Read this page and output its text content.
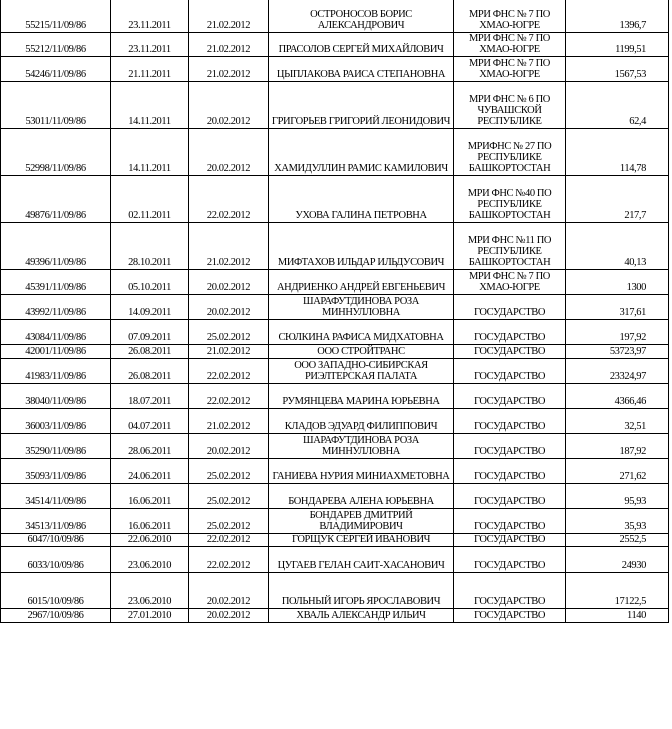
55215/11/09/86	23.11.2011	21.02.2012	ОСТРОНОСОВ БОРИС АЛЕКСАНДРОВИЧ	МРИ ФНС № 7 ПО ХМАО-ЮГРЕ	1396,7
55212/11/09/86	23.11.2011	21.02.2012	ПРАСОЛОВ СЕРГЕЙ МИХАЙЛОВИЧ	МРИ ФНС № 7 ПО ХМАО-ЮГРЕ	1199,51
54246/11/09/86	21.11.2011	21.02.2012	ЦЫПЛАКОВА РАИСА СТЕПАНОВНА	МРИ ФНС № 7 ПО ХМАО-ЮГРЕ	1567,53
53011/11/09/86	14.11.2011	20.02.2012	ГРИГОРЬЕВ ГРИГОРИЙ ЛЕОНИДОВИЧ	МРИ ФНС № 6 ПО ЧУВАШСКОЙ РЕСПУБЛИКЕ	62,4
52998/11/09/86	14.11.2011	20.02.2012	ХАМИДУЛЛИН РАМИС КАМИЛОВИЧ	МРИФНС № 27 ПО РЕСПУБЛИКЕ БАШКОРТОСТАН	114,78
49876/11/09/86	02.11.2011	22.02.2012	УХОВА ГАЛИНА ПЕТРОВНА	МРИ ФНС №40 ПО РЕСПУБЛИКЕ БАШКОРТОСТАН	217,7
49396/11/09/86	28.10.2011	21.02.2012	МИФТАХОВ ИЛЬДАР ИЛЬДУСОВИЧ	МРИ ФНС №11 ПО РЕСПУБЛИКЕ БАШКОРТОСТАН	40,13
45391/11/09/86	05.10.2011	20.02.2012	АНДРИЕНКО АНДРЕЙ ЕВГЕНЬЕВИЧ	МРИ ФНС № 7 ПО ХМАО-ЮГРЕ	1300
43992/11/09/86	14.09.2011	20.02.2012	ШАРАФУТДИНОВА РОЗА МИННУЛЛОВНА	ГОСУДАРСТВО	317,61
43084/11/09/86	07.09.2011	25.02.2012	СЮЛКИНА РАФИСА МИДХАТОВНА	ГОСУДАРСТВО	197,92
42001/11/09/86	26.08.2011	21.02.2012	ООО СТРОЙТРАНС	ГОСУДАРСТВО	53723,97
41983/11/09/86	26.08.2011	22.02.2012	ООО ЗАПАДНО-СИБИРСКАЯ РИЭЛТЕРСКАЯ ПАЛАТА	ГОСУДАРСТВО	23324,97
38040/11/09/86	18.07.2011	22.02.2012	РУМЯНЦЕВА МАРИНА ЮРЬЕВНА	ГОСУДАРСТВО	4366,46
36003/11/09/86	04.07.2011	21.02.2012	КЛАДОВ ЭДУАРД ФИЛИППОВИЧ	ГОСУДАРСТВО	32,51
35290/11/09/86	28.06.2011	20.02.2012	ШАРАФУТДИНОВА РОЗА МИННУЛЛОВНА	ГОСУДАРСТВО	187,92
35093/11/09/86	24.06.2011	25.02.2012	ГАНИЕВА НУРИЯ МИНИАХМЕТОВНА	ГОСУДАРСТВО	271,62
34514/11/09/86	16.06.2011	25.02.2012	БОНДАРЕВА АЛЕНА ЮРЬЕВНА	ГОСУДАРСТВО	95,93
34513/11/09/86	16.06.2011	25.02.2012	БОНДАРЕВ ДМИТРИЙ ВЛАДИМИРОВИЧ	ГОСУДАРСТВО	35,93
6047/10/09/86	22.06.2010	22.02.2012	ГОРЩУК СЕРГЕЙ ИВАНОВИЧ	ГОСУДАРСТВО	2552,5
6033/10/09/86	23.06.2010	22.02.2012	ЦУГАЕВ ГЕЛАН САИТ-ХАСАНОВИЧ	ГОСУДАРСТВО	24930
6015/10/09/86	23.06.2010	20.02.2012	ПОЛЬНЫЙ ИГОРЬ ЯРОСЛАВОВИЧ	ГОСУДАРСТВО	17122,5
2967/10/09/86	27.01.2010	20.02.2012	ХВАЛЬ АЛЕКСАНДР ИЛЬИЧ	ГОСУДАРСТВО	1140
